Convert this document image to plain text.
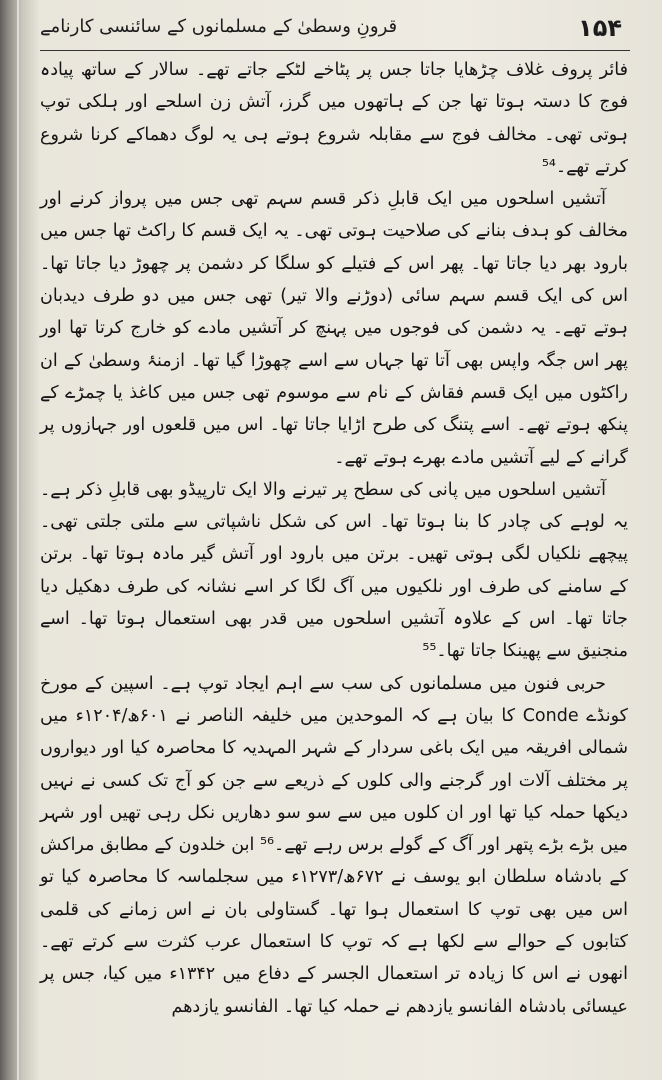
قرونِ وسطیٰ کے مسلمانوں کے سائنسی کارنامے	۱۵۴

فائر پروف غلاف چڑھایا جاتا جس پر پٹاخے لٹکے جاتے تھے۔ سالار کے ساتھ پیادہ فوج کا دستہ ہوتا تھا جن کے ہاتھوں میں گرز، آتش زن اسلحے اور ہلکی توپ ہوتی تھی۔ مخالف فوج سے مقابلہ شروع ہوتے ہی یہ لوگ دھماکے کرنا شروع کرتے تھے۔⁵⁴

آتشیں اسلحوں میں ایک قابلِ ذکر قسم سہم تھی جس میں پرواز کرنے اور مخالف کو ہدف بنانے کی صلاحیت ہوتی تھی۔ یہ ایک قسم کا راکٹ تھا جس میں بارود بھر دیا جاتا تھا۔ پھر اس کے فتیلے کو سلگا کر دشمن پر چھوڑ دیا جاتا تھا۔ اس کی ایک قسم سہم سائی (دوڑنے والا تیر) تھی جس میں دو طرف دیدبان ہوتے تھے۔ یہ دشمن کی فوجوں میں پہنچ کر آتشیں مادے کو خارج کرتا تھا اور پھر اس جگہ واپس بھی آتا تھا جہاں سے اسے چھوڑا گیا تھا۔ ازمنۂ وسطیٰ کے ان راکٹوں میں ایک قسم فقاش کے نام سے موسوم تھی جس میں کاغذ یا چمڑے کے پنکھ ہوتے تھے۔ اسے پتنگ کی طرح اڑایا جاتا تھا۔ اس میں قلعوں اور جہازوں پر گرانے کے لیے آتشیں مادے بھرے ہوتے تھے۔

آتشیں اسلحوں میں پانی کی سطح پر تیرنے والا ایک تارپیڈو بھی قابلِ ذکر ہے۔ یہ لوہے کی چادر کا بنا ہوتا تھا۔ اس کی شکل ناشپاتی سے ملتی جلتی تھی۔ پیچھے نلکیاں لگی ہوتی تھیں۔ برتن میں بارود اور آتش گیر مادہ ہوتا تھا۔ برتن کے سامنے کی طرف اور نلکیوں میں آگ لگا کر اسے نشانہ کی طرف دھکیل دیا جاتا تھا۔ اس کے علاوہ آتشیں اسلحوں میں قدر بھی استعمال ہوتا تھا۔ اسے منجنیق سے پھینکا جاتا تھا۔⁵⁵

حربی فنون میں مسلمانوں کی سب سے اہم ایجاد توپ ہے۔ اسپین کے مورخ کونڈے Conde کا بیان ہے کہ الموحدین میں خلیفہ الناصر نے ۶۰۱ھ/۱۲۰۴ء میں شمالی افریقہ میں ایک باغی سردار کے شہر المہدیہ کا محاصرہ کیا اور دیواروں پر مختلف آلات اور گرجنے والی کلوں کے ذریعے سے جن کو آج تک کسی نے نہیں دیکھا حملہ کیا تھا اور ان کلوں میں سے سو سو دھاریں نکل رہی تھیں اور شہر میں بڑے بڑے پتھر اور آگ کے گولے برس رہے تھے۔⁵⁶ ابن خلدون کے مطابق مراکش کے بادشاہ سلطان ابو یوسف نے ۶۷۲ھ/۱۲۷۳ء میں سجلماسہ کا محاصرہ کیا تو اس میں بھی توپ کا استعمال ہوا تھا۔ گستاولی بان نے اس زمانے کی قلمی کتابوں کے حوالے سے لکھا ہے کہ توپ کا استعمال عرب کثرت سے کرتے تھے۔ انھوں نے اس کا زیادہ تر استعمال الجسر کے دفاع میں ۱۳۴۲ء میں کیا، جس پر عیسائی بادشاہ الفانسو یازدھم نے حملہ کیا تھا۔ الفانسو یازدھم
